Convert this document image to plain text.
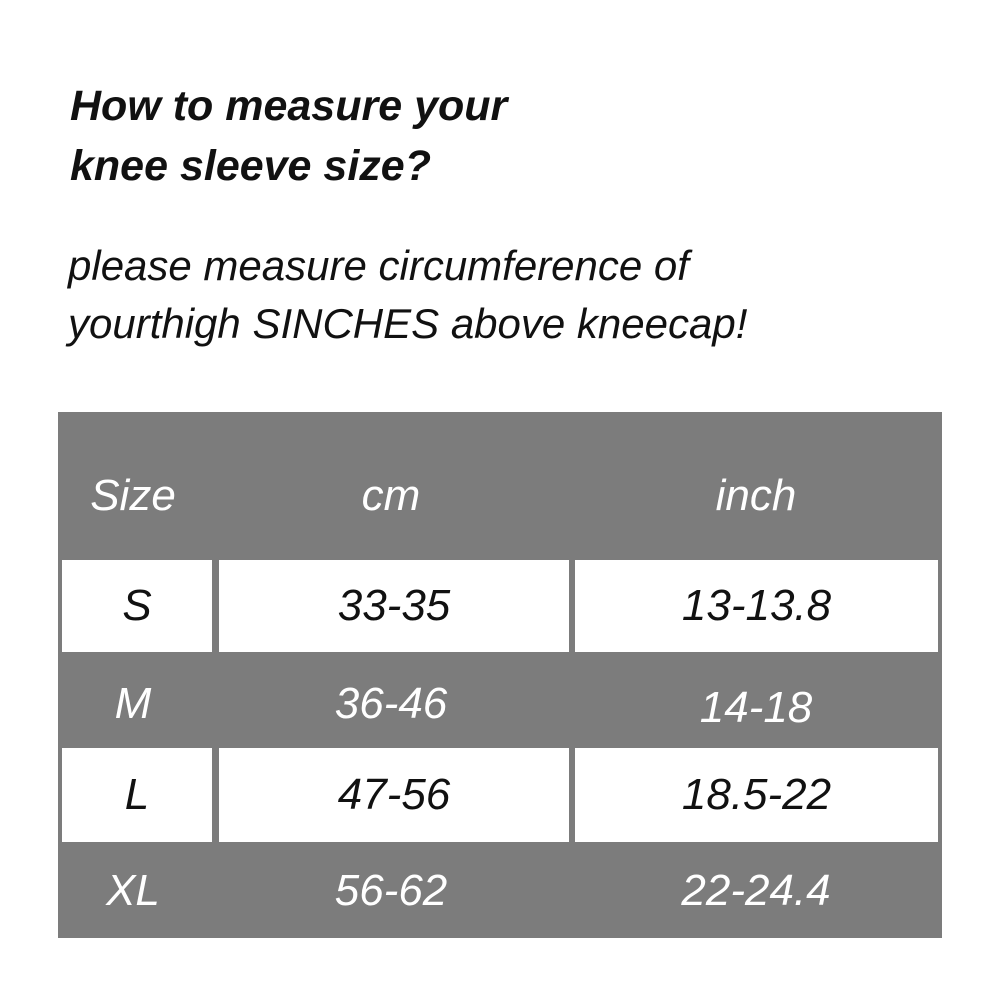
How to measure your
knee sleeve size?

please measure circumference of
yourthigh SINCHES above kneecap!

Size	cm	inch
S	33-35	13-13.8
M	36-46	14-18
L	47-56	18.5-22
XL	56-62	22-24.4
